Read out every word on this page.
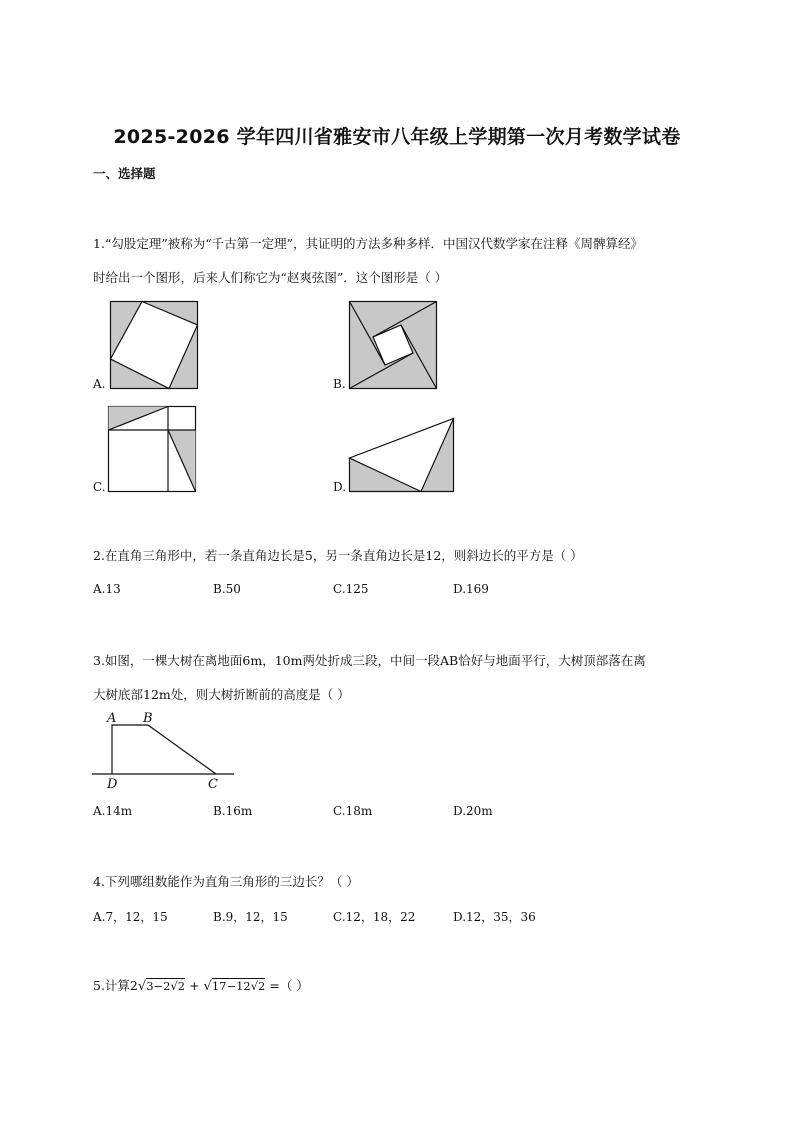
2025-2026 学年四川省雅安市八年级上学期第一次月考数学试卷
一、选择题
1.“勾股定理”被称为“千古第一定理”，其证明的方法多种多样．中国汉代数学家在注释《周髀算经》
时给出一个图形，后来人们称它为“赵爽弦图”．这个图形是（ ）
A.	B.
C.	D.
2.在直角三角形中，若一条直角边长是5，另一条直角边长是12，则斜边长的平方是（ ）
A.13	B.50	C.125	D.169
3.如图，一棵大树在离地面6m，10m两处折成三段，中间一段AB恰好与地面平行，大树顶部落在离
大树底部12m处，则大树折断前的高度是（ ）
A B
D	C
A.14m	B.16m	C.18m	D.20m
4.下列哪组数能作为直角三角形的三边长？（ ）
A.7，12，15	B.9，12，15	C.12，18，22	D.12，35，36
5.计算2√3−2√2 + √17−12√2 =（ ）
